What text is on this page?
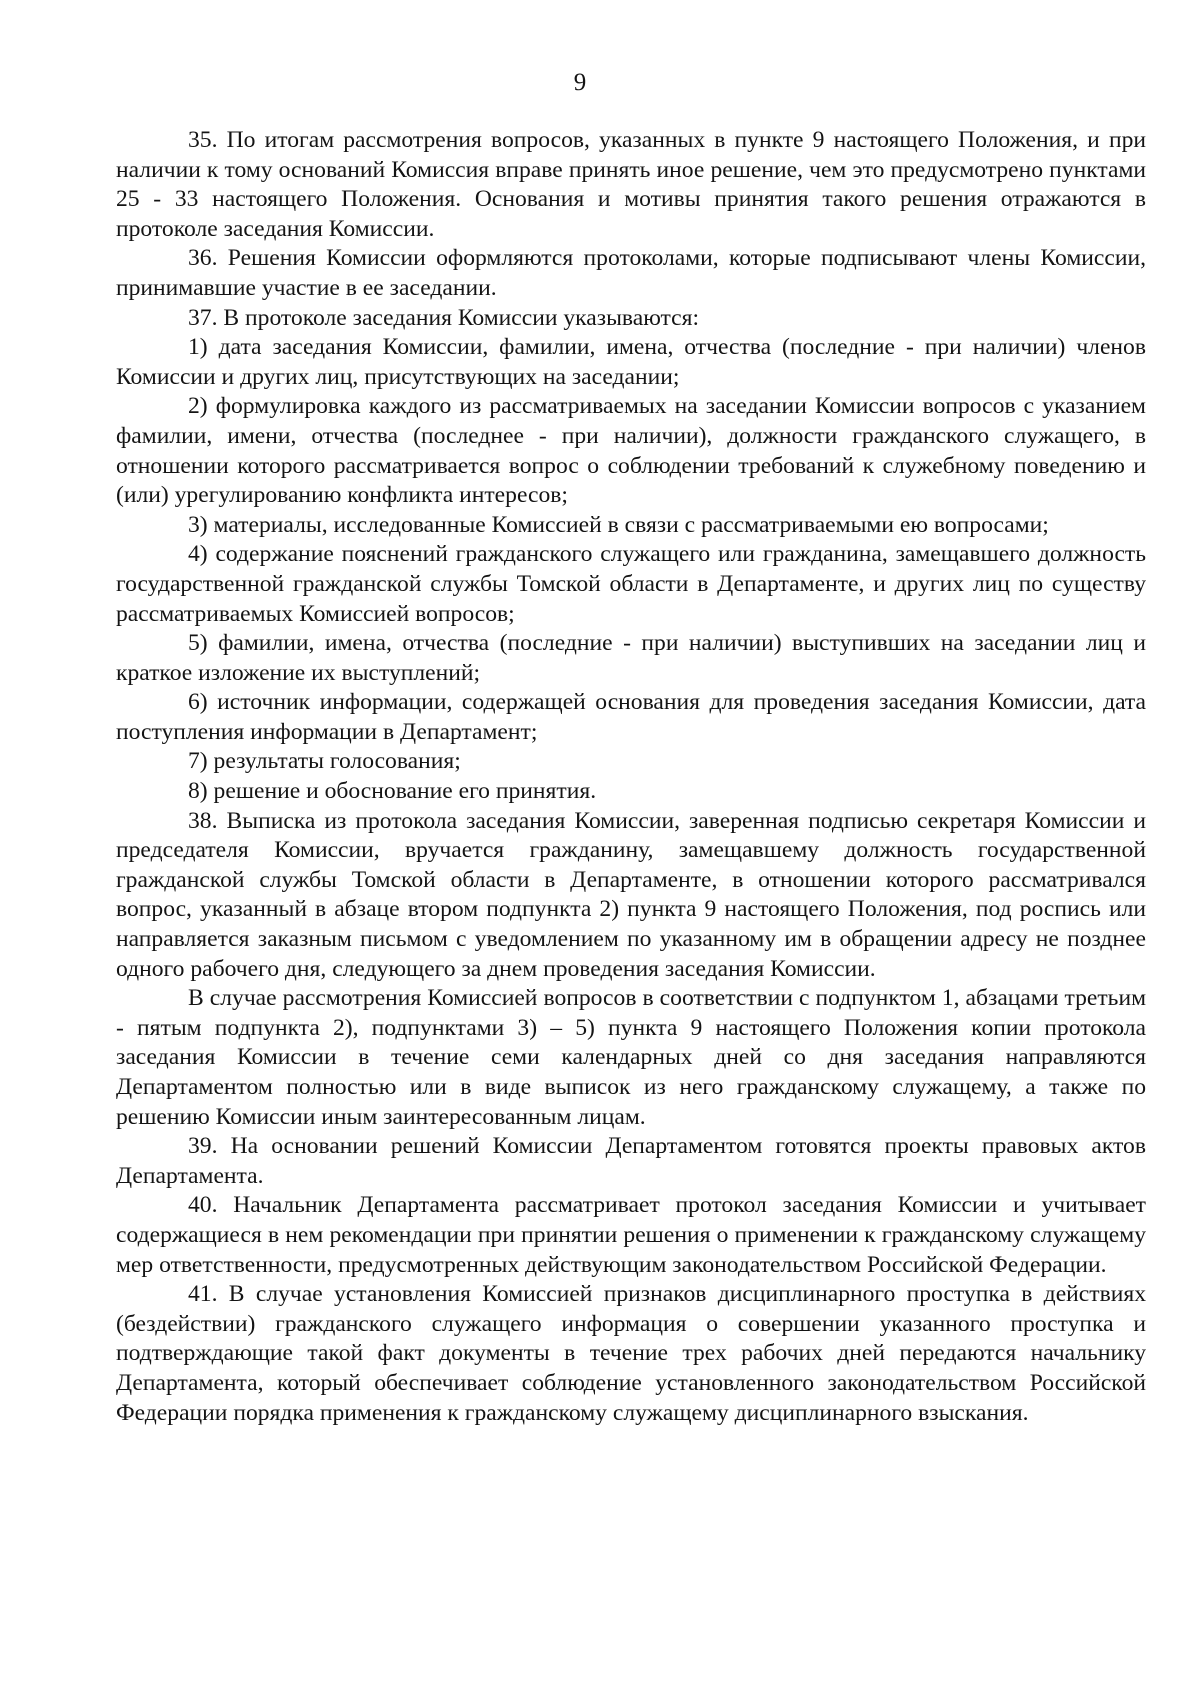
9

35. По итогам рассмотрения вопросов, указанных в пункте 9 настоящего Положения, и при наличии к тому оснований Комиссия вправе принять иное решение, чем это предусмотрено пунктами 25 - 33 настоящего Положения. Основания и мотивы принятия такого решения отражаются в протоколе заседания Комиссии.

36. Решения Комиссии оформляются протоколами, которые подписывают члены Комиссии, принимавшие участие в ее заседании.

37. В протоколе заседания Комиссии указываются:

1) дата заседания Комиссии, фамилии, имена, отчества (последние - при наличии) членов Комиссии и других лиц, присутствующих на заседании;

2) формулировка каждого из рассматриваемых на заседании Комиссии вопросов с указанием фамилии, имени, отчества (последнее - при наличии), должности гражданского служащего, в отношении которого рассматривается вопрос о соблюдении требований к служебному поведению и (или) урегулированию конфликта интересов;

3) материалы, исследованные Комиссией в связи с рассматриваемыми ею вопросами;

4) содержание пояснений гражданского служащего или гражданина, замещавшего должность государственной гражданской службы Томской области в Департаменте, и других лиц по существу рассматриваемых Комиссией вопросов;

5) фамилии, имена, отчества (последние - при наличии) выступивших на заседании лиц и краткое изложение их выступлений;

6) источник информации, содержащей основания для проведения заседания Комиссии, дата поступления информации в Департамент;

7) результаты голосования;

8) решение и обоснование его принятия.

38. Выписка из протокола заседания Комиссии, заверенная подписью секретаря Комиссии и председателя Комиссии, вручается гражданину, замещавшему должность государственной гражданской службы Томской области в Департаменте, в отношении которого рассматривался вопрос, указанный в абзаце втором подпункта 2) пункта 9 настоящего Положения, под роспись или направляется заказным письмом с уведомлением по указанному им в обращении адресу не позднее одного рабочего дня, следующего за днем проведения заседания Комиссии.

В случае рассмотрения Комиссией вопросов в соответствии с подпунктом 1, абзацами третьим - пятым подпункта 2), подпунктами 3) – 5) пункта 9 настоящего Положения копии протокола заседания Комиссии в течение семи календарных дней со дня заседания направляются Департаментом полностью или в виде выписок из него гражданскому служащему, а также по решению Комиссии иным заинтересованным лицам.

39. На основании решений Комиссии Департаментом готовятся проекты правовых актов Департамента.

40. Начальник Департамента рассматривает протокол заседания Комиссии и учитывает содержащиеся в нем рекомендации при принятии решения о применении к гражданскому служащему мер ответственности, предусмотренных действующим законодательством Российской Федерации.

41. В случае установления Комиссией признаков дисциплинарного проступка в действиях (бездействии) гражданского служащего информация о совершении указанного проступка и подтверждающие такой факт документы в течение трех рабочих дней передаются начальнику Департамента, который обеспечивает соблюдение установленного законодательством Российской Федерации порядка применения к гражданскому служащему дисциплинарного взыскания.
